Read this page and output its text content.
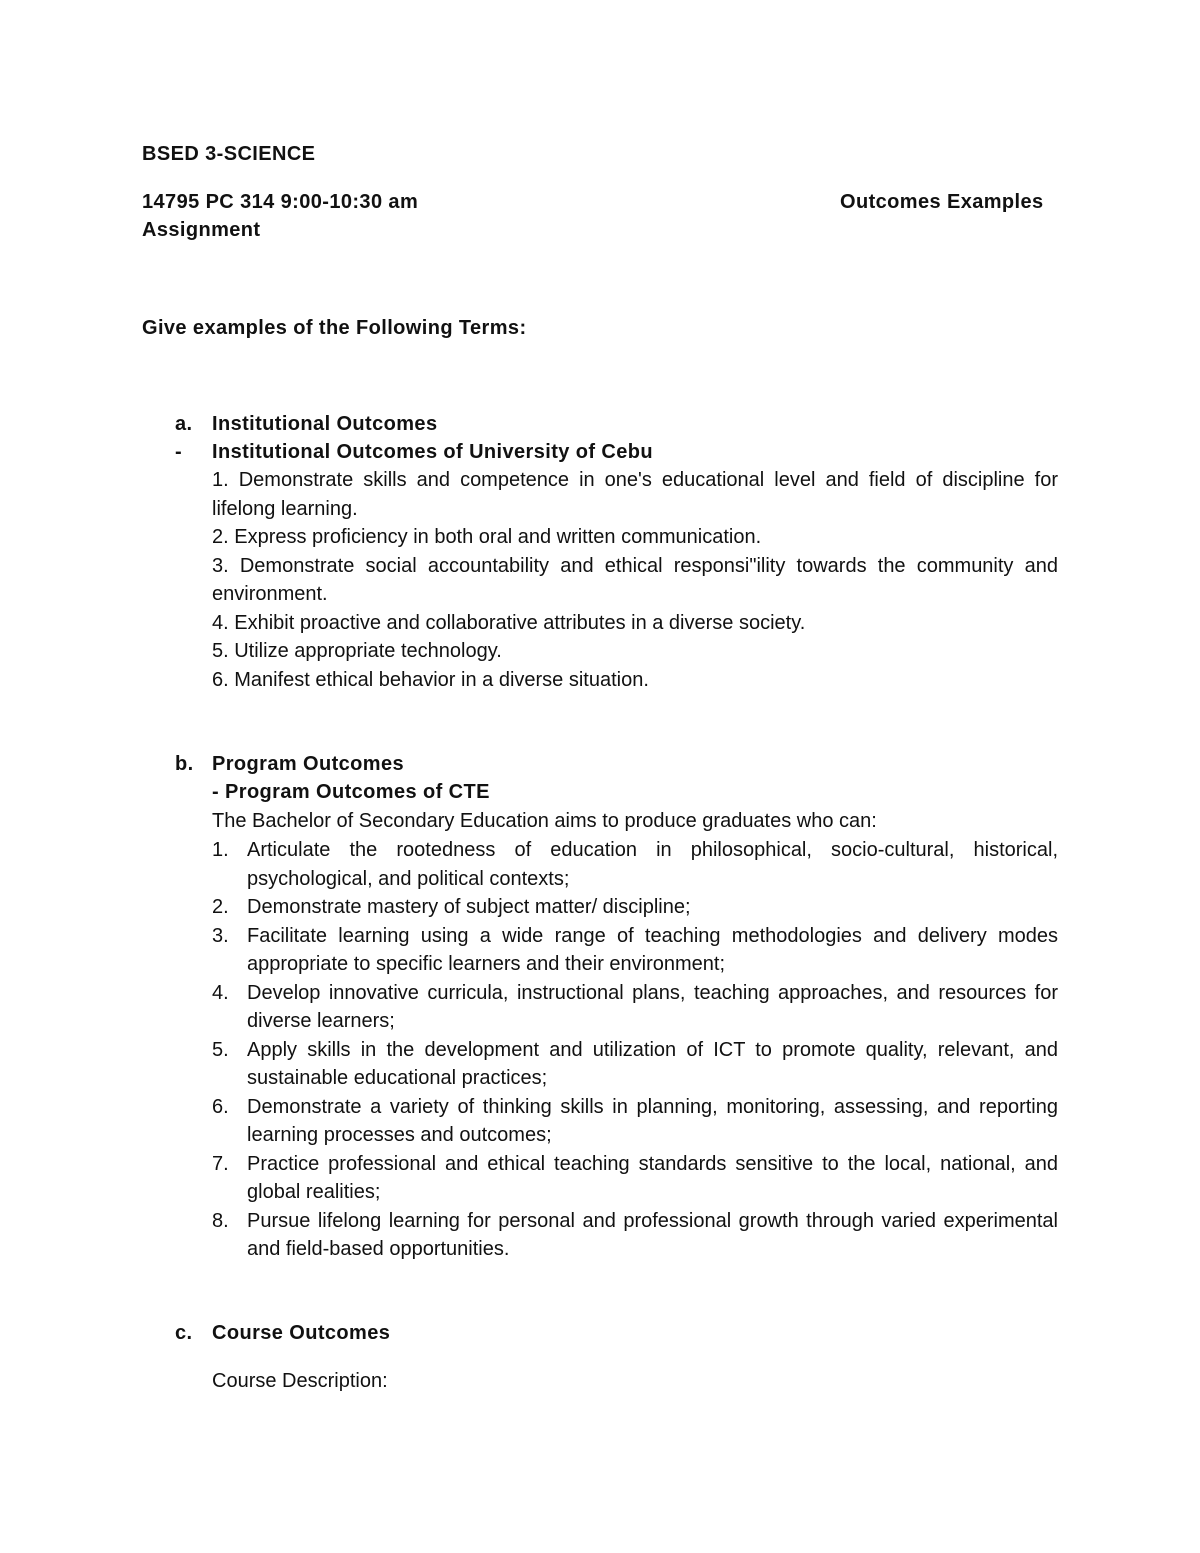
BSED 3-SCIENCE
14795 PC 314 9:00-10:30 am	Outcomes Examples
Assignment
Give examples of the Following Terms:
a. Institutional Outcomes
- Institutional Outcomes of University of Cebu
1. Demonstrate skills and competence in one's educational level and field of discipline for lifelong learning.
2. Express proficiency in both oral and written communication.
3. Demonstrate social accountability and ethical responsi"ility towards the community and environment.
4. Exhibit proactive and collaborative attributes in a diverse society.
5. Utilize appropriate technology.
6. Manifest ethical behavior in a diverse situation.
b. Program Outcomes
- Program Outcomes of CTE
The Bachelor of Secondary Education aims to produce graduates who can:
1. Articulate the rootedness of education in philosophical, socio-cultural, historical, psychological, and political contexts;
2. Demonstrate mastery of subject matter/ discipline;
3. Facilitate learning using a wide range of teaching methodologies and delivery modes appropriate to specific learners and their environment;
4. Develop innovative curricula, instructional plans, teaching approaches, and resources for diverse learners;
5. Apply skills in the development and utilization of ICT to promote quality, relevant, and sustainable educational practices;
6. Demonstrate a variety of thinking skills in planning, monitoring, assessing, and reporting learning processes and outcomes;
7. Practice professional and ethical teaching standards sensitive to the local, national, and global realities;
8. Pursue lifelong learning for personal and professional growth through varied experimental and field-based opportunities.
c. Course Outcomes
Course Description:
